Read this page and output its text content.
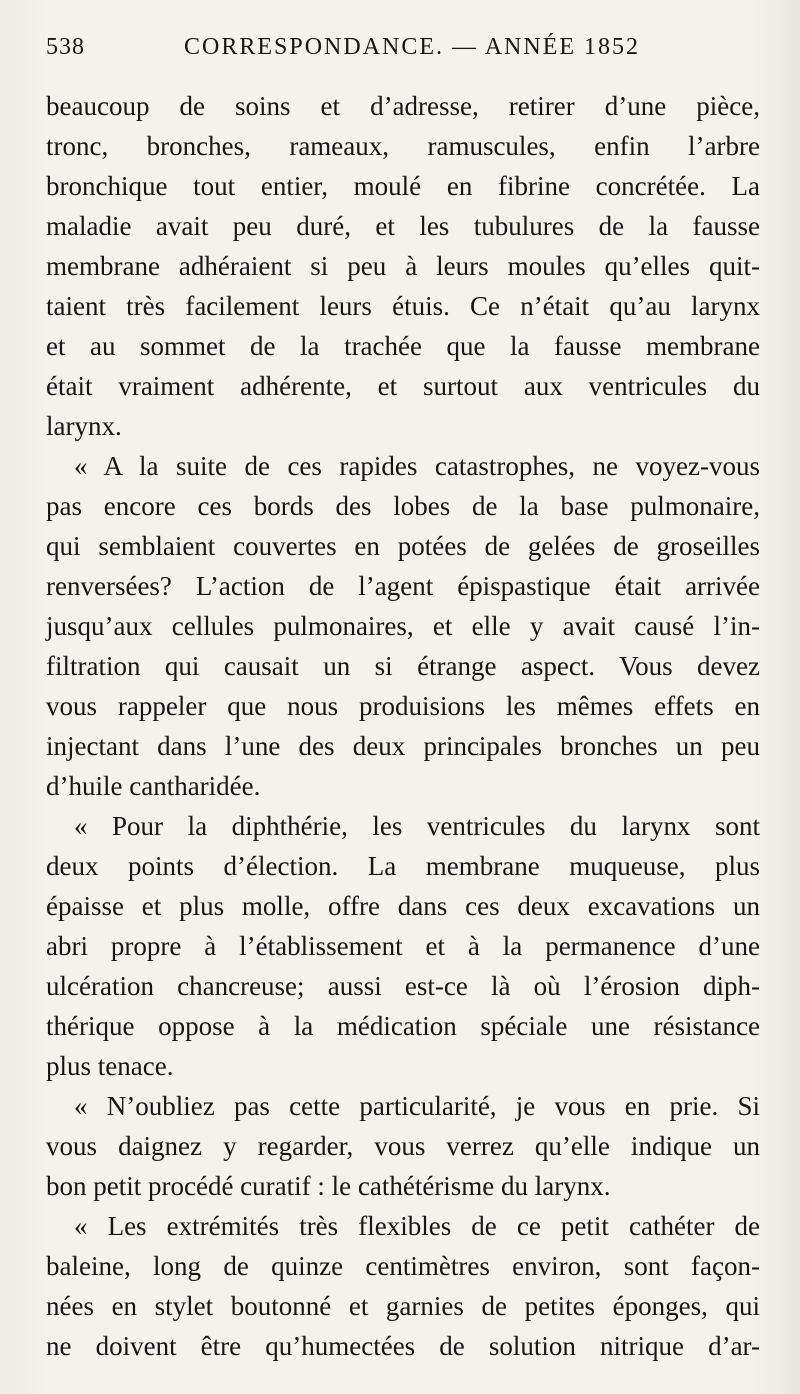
538	CORRESPONDANCE. — ANNÉE 1852
beaucoup de soins et d’adresse, retirer d’une pièce,
tronc, bronches, rameaux, ramuscules, enfin l’arbre
bronchique tout entier, moulé en fibrine concrétée. La
maladie avait peu duré, et les tubulures de la fausse
membrane adhéraient si peu à leurs moules qu’elles quit-
taient très facilement leurs étuis. Ce n’était qu’au larynx
et au sommet de la trachée que la fausse membrane
était vraiment adhérente, et surtout aux ventricules du
larynx.
« A la suite de ces rapides catastrophes, ne voyez-vous
pas encore ces bords des lobes de la base pulmonaire,
qui semblaient couvertes en potées de gelées de groseilles
renversées? L’action de l’agent épispastique était arrivée
jusqu’aux cellules pulmonaires, et elle y avait causé l’in-
filtration qui causait un si étrange aspect. Vous devez
vous rappeler que nous produisions les mêmes effets en
injectant dans l’une des deux principales bronches un peu
d’huile cantharidée.
« Pour la diphthérie, les ventricules du larynx sont
deux points d’élection. La membrane muqueuse, plus
épaisse et plus molle, offre dans ces deux excavations un
abri propre à l’établissement et à la permanence d’une
ulcération chancreuse; aussi est-ce là où l’érosion diph-
thérique oppose à la médication spéciale une résistance
plus tenace.
« N’oubliez pas cette particularité, je vous en prie. Si
vous daignez y regarder, vous verrez qu’elle indique un
bon petit procédé curatif : le cathétérisme du larynx.
« Les extrémités très flexibles de ce petit cathéter de
baleine, long de quinze centimètres environ, sont façon-
nées en stylet boutonné et garnies de petites éponges, qui
ne doivent être qu’humectées de solution nitrique d’ar-
